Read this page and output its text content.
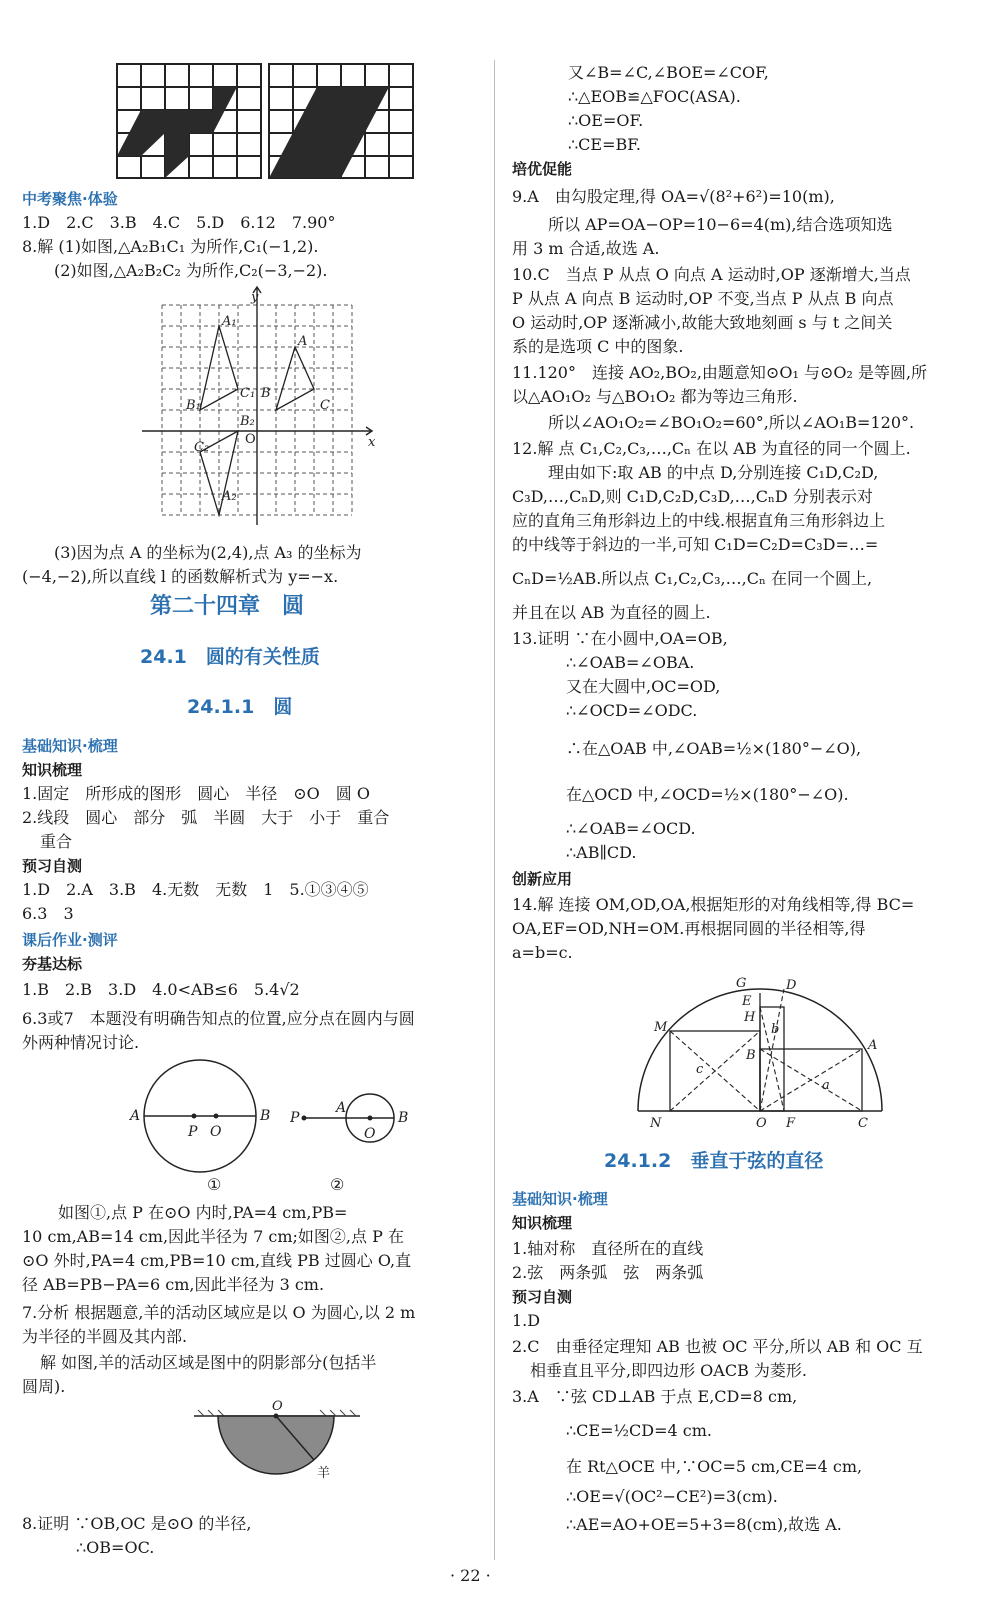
中考聚焦·体验
1.D　2.C　3.B　4.C　5.D　6.12　7.90°
8.解 (1)如图,△A₂B₁C₁ 为所作,C₁(−1,2).
(2)如图,△A₂B₂C₂ 为所作,C₂(−3,−2).
y
x
O
A
C
B
A₁
B₁
C₁
C₂
A₂
B₂
(3)因为点 A 的坐标为(2,4),点 A₃ 的坐标为
(−4,−2),所以直线 l 的函数解析式为 y=−x.
第二十四章　圆
24.1　圆的有关性质
24.1.1　圆
基础知识·梳理
知识梳理
1.固定　所形成的图形　圆心　半径　⊙O　圆 O
2.线段　圆心　部分　弧　半圆　大于　小于　重合
重合
预习自测
1.D　2.A　3.B　4.无数　无数　1　5.①③④⑤
6.3　3
课后作业·测评
夯基达标
1.B　2.B　3.D　4.0<AB≤6　5.4√2
6.3或7　本题没有明确告知点的位置,应分点在圆内与圆
外两种情况讨论.
A	B
P O
P
A
B
O
①	②
如图①,点 P 在⊙O 内时,PA=4 cm,PB=
10 cm,AB=14 cm,因此半径为 7 cm;如图②,点 P 在
⊙O 外时,PA=4 cm,PB=10 cm,直线 PB 过圆心 O,直
径 AB=PB−PA=6 cm,因此半径为 3 cm.
7.分析 根据题意,羊的活动区域应是以 O 为圆心,以 2 m
为半径的半圆及其内部.
解 如图,羊的活动区域是图中的阴影部分(包括半
圆周).
O
羊
8.证明 ∵OB,OC 是⊙O 的半径,
∴OB=OC.
又∠B=∠C,∠BOE=∠COF,
∴△EOB≌△FOC(ASA).
∴OE=OF.
∴CE=BF.
培优促能
9.A　由勾股定理,得 OA=√(8²+6²)=10(m),
所以 AP=OA−OP=10−6=4(m),结合选项知选
用 3 m 合适,故选 A.
10.C　当点 P 从点 O 向点 A 运动时,OP 逐渐增大,当点
P 从点 A 向点 B 运动时,OP 不变,当点 P 从点 B 向点
O 运动时,OP 逐渐减小,故能大致地刻画 s 与 t 之间关
系的是选项 C 中的图象.
11.120°　连接 AO₂,BO₂,由题意知⊙O₁ 与⊙O₂ 是等圆,所
以△AO₁O₂ 与△BO₁O₂ 都为等边三角形.
所以∠AO₁O₂=∠BO₁O₂=60°,所以∠AO₁B=120°.
12.解 点 C₁,C₂,C₃,…,Cₙ 在以 AB 为直径的同一个圆上.
理由如下:取 AB 的中点 D,分别连接 C₁D,C₂D,
C₃D,…,CₙD,则 C₁D,C₂D,C₃D,…,CₙD 分别表示对
应的直角三角形斜边上的中线.根据直角三角形斜边上
的中线等于斜边的一半,可知 C₁D=C₂D=C₃D=…=
CₙD=½AB.所以点 C₁,C₂,C₃,…,Cₙ 在同一个圆上,
并且在以 AB 为直径的圆上.
13.证明 ∵在小圆中,OA=OB,
∴∠OAB=∠OBA.
又在大圆中,OC=OD,
∴∠OCD=∠ODC.
∴在△OAB 中,∠OAB=½×(180°−∠O),
在△OCD 中,∠OCD=½×(180°−∠O).
∴∠OAB=∠OCD.
∴AB∥CD.
创新应用
14.解 连接 OM,OD,OA,根据矩形的对角线相等,得 BC=
OA,EF=OD,NH=OM.再根据同圆的半径相等,得
a=b=c.
G	D
E
H
M
A
B
N	O F	C
b
c
a
24.1.2　垂直于弦的直径
基础知识·梳理
知识梳理
1.轴对称　直径所在的直线
2.弦　两条弧　弦　两条弧
预习自测
1.D
2.C　由垂径定理知 AB 也被 OC 平分,所以 AB 和 OC 互
相垂直且平分,即四边形 OACB 为菱形.
3.A　∵弦 CD⊥AB 于点 E,CD=8 cm,
∴CE=½CD=4 cm.
在 Rt△OCE 中,∵OC=5 cm,CE=4 cm,
∴OE=√(OC²−CE²)=3(cm).
∴AE=AO+OE=5+3=8(cm),故选 A.
· 22 ·
